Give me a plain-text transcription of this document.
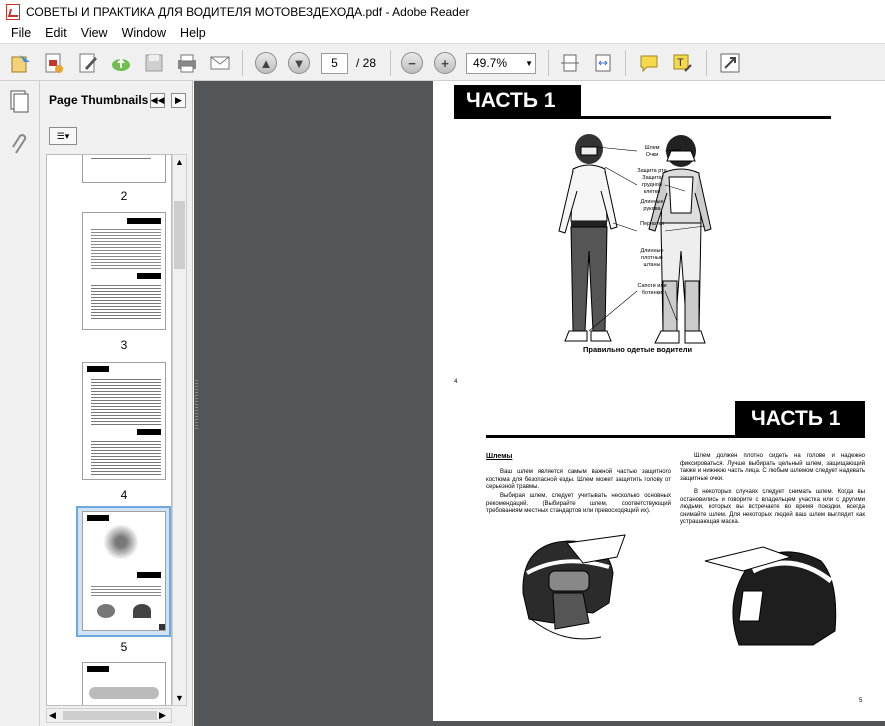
СОВЕТЫ И ПРАКТИКА ДЛЯ ВОДИТЕЛЯ МОТОВЕЗДЕХОДА.pdf - Adobe Reader
File	Edit	View	Window	Help
▲	▼	5	/ 28	−	+	49.7% ▼	T
Page Thumbnails ◀◀	▶
☰▾
2
3
4
5
▲
▼
◀	▶
ЧАСТЬ 1
Шлем
Очки
Защита рта
Защита грудной клетки
Длинные рукава
Перчатки
Длинные плотные штаны
Сапоги или ботинки
Правильно одетые водители
4
ЧАСТЬ 1
Шлемы
Ваш шлем является самым важной частью защитного костюма для безопасной езды. Шлем может защитить голову от серьезной травмы.
Выбирая шлем, следует учитывать несколько основных рекомендаций. (Выбирайте шлем, соответствующий требованиям местных стандартов или превосходящий их).
Шлем должен плотно сидеть на голове и надежно фиксироваться. Лучше выбирать цельный шлем, защищающий также и нижнюю часть лица. С любым шлемом следует надевать защитные очки.
В некоторых случаях следует снимать шлем. Когда вы остановились и говорите с владельцем участка или с другими людьми, которых вы встречаете во время поездки, всегда снимайте шлем. Для некоторых людей ваш шлем выглядит как устрашающая маска.
5
